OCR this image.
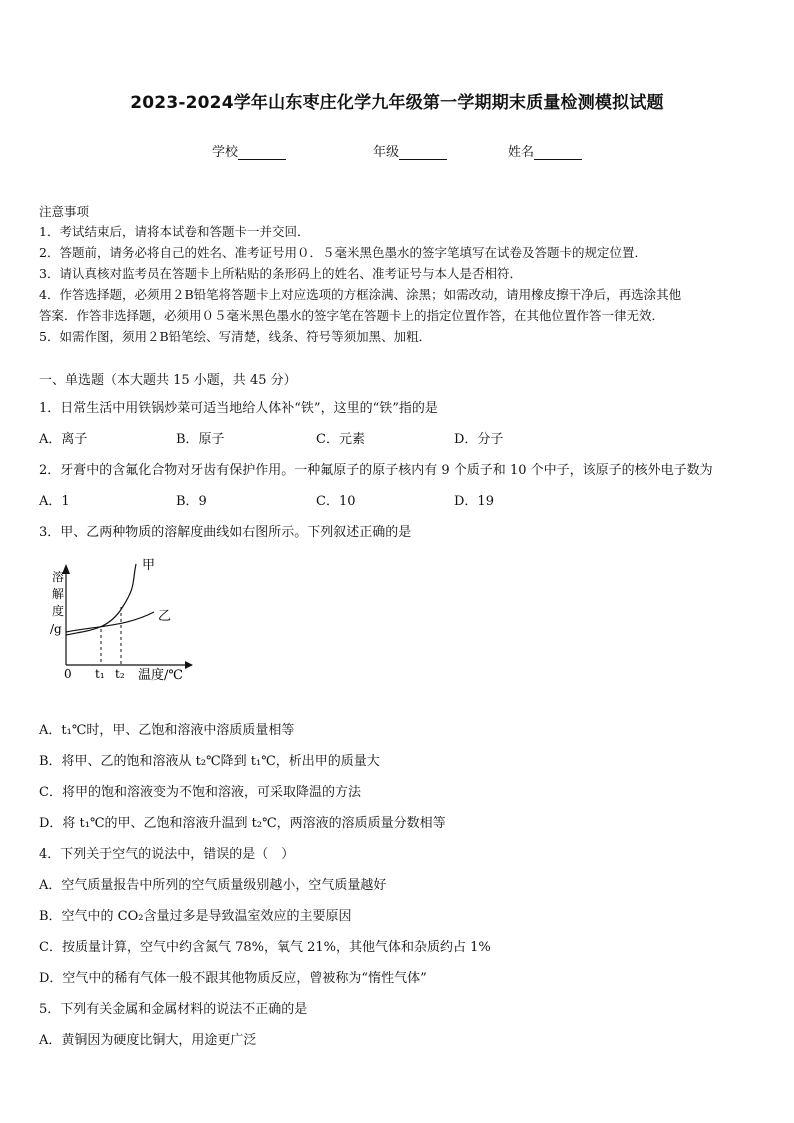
2023-2024学年山东枣庄化学九年级第一学期期末质量检测模拟试题
学校	年级	姓名
注意事项
1．考试结束后，请将本试卷和答题卡一并交回．
2．答题前，请务必将自己的姓名、准考证号用０．５毫米黑色墨水的签字笔填写在试卷及答题卡的规定位置．
3．请认真核对监考员在答题卡上所粘贴的条形码上的姓名、准考证号与本人是否相符．
4．作答选择题，必须用２B铅笔将答题卡上对应选项的方框涂满、涂黑；如需改动，请用橡皮擦干净后，再选涂其他
答案．作答非选择题，必须用０５毫米黑色墨水的签字笔在答题卡上的指定位置作答，在其他位置作答一律无效．
5．如需作图，须用２B铅笔绘、写清楚，线条、符号等须加黑、加粗．
一、单选题（本大题共 15 小题，共 45 分）
1．日常生活中用铁锅炒菜可适当地给人体补“铁”，这里的“铁”指的是
A．离子	B．原子	C．元素	D．分子
2．牙膏中的含氟化合物对牙齿有保护作用。一种氟原子的原子核内有 9 个质子和 10 个中子，该原子的核外电子数为
A．1	B．9	C．10	D．19
3．甲、乙两种物质的溶解度曲线如右图所示。下列叙述正确的是
甲
乙
溶
解
度
/g
0 t₁ t₂ 温度/℃
A．t₁℃时，甲、乙饱和溶液中溶质质量相等
B．将甲、乙的饱和溶液从 t₂℃降到 t₁℃，析出甲的质量大
C．将甲的饱和溶液变为不饱和溶液，可采取降温的方法
D．将 t₁℃的甲、乙饱和溶液升温到 t₂℃，两溶液的溶质质量分数相等
4．下列关于空气的说法中，错误的是（　）
A．空气质量报告中所列的空气质量级别越小，空气质量越好
B．空气中的 CO₂含量过多是导致温室效应的主要原因
C．按质量计算，空气中约含氮气 78%，氧气 21%，其他气体和杂质约占 1%
D．空气中的稀有气体一般不跟其他物质反应，曾被称为“惰性气体”
5．下列有关金属和金属材料的说法不正确的是
A．黄铜因为硬度比铜大，用途更广泛
